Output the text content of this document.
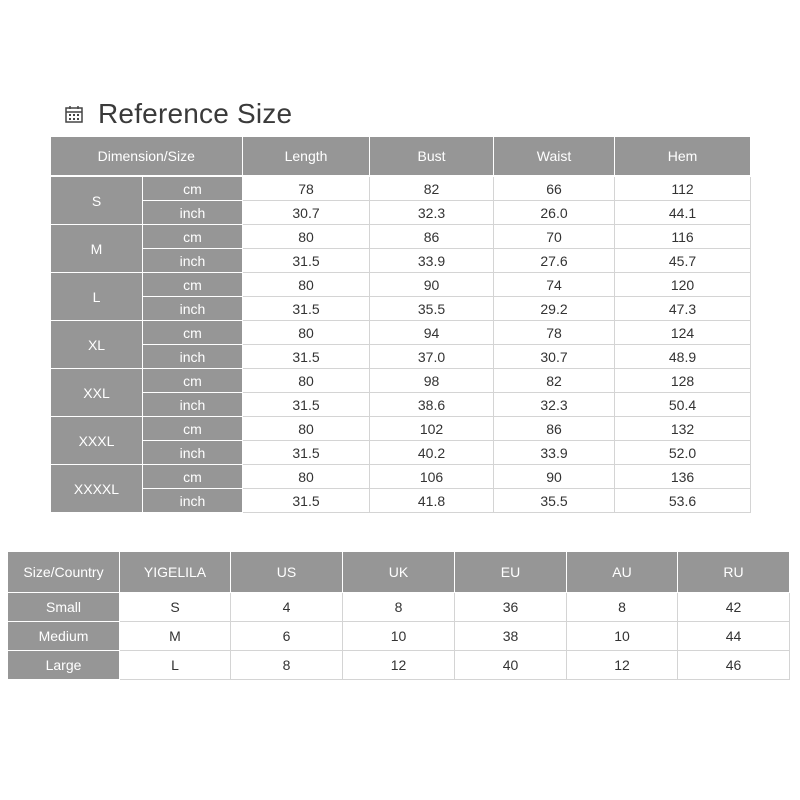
Reference Size
Dimension/Size		Length	Bust	Waist	Hem
S	cm	78	82	66	112
	inch	30.7	32.3	26.0	44.1
M	cm	80	86	70	116
	inch	31.5	33.9	27.6	45.7
L	cm	80	90	74	120
	inch	31.5	35.5	29.2	47.3
XL	cm	80	94	78	124
	inch	31.5	37.0	30.7	48.9
XXL	cm	80	98	82	128
	inch	31.5	38.6	32.3	50.4
XXXL	cm	80	102	86	132
	inch	31.5	40.2	33.9	52.0
XXXXL	cm	80	106	90	136
	inch	31.5	41.8	35.5	53.6
Size/Country	YIGELILA	US	UK	EU	AU	RU
Small	S	4	8	36	8	42
Medium	M	6	10	38	10	44
Large	L	8	12	40	12	46
